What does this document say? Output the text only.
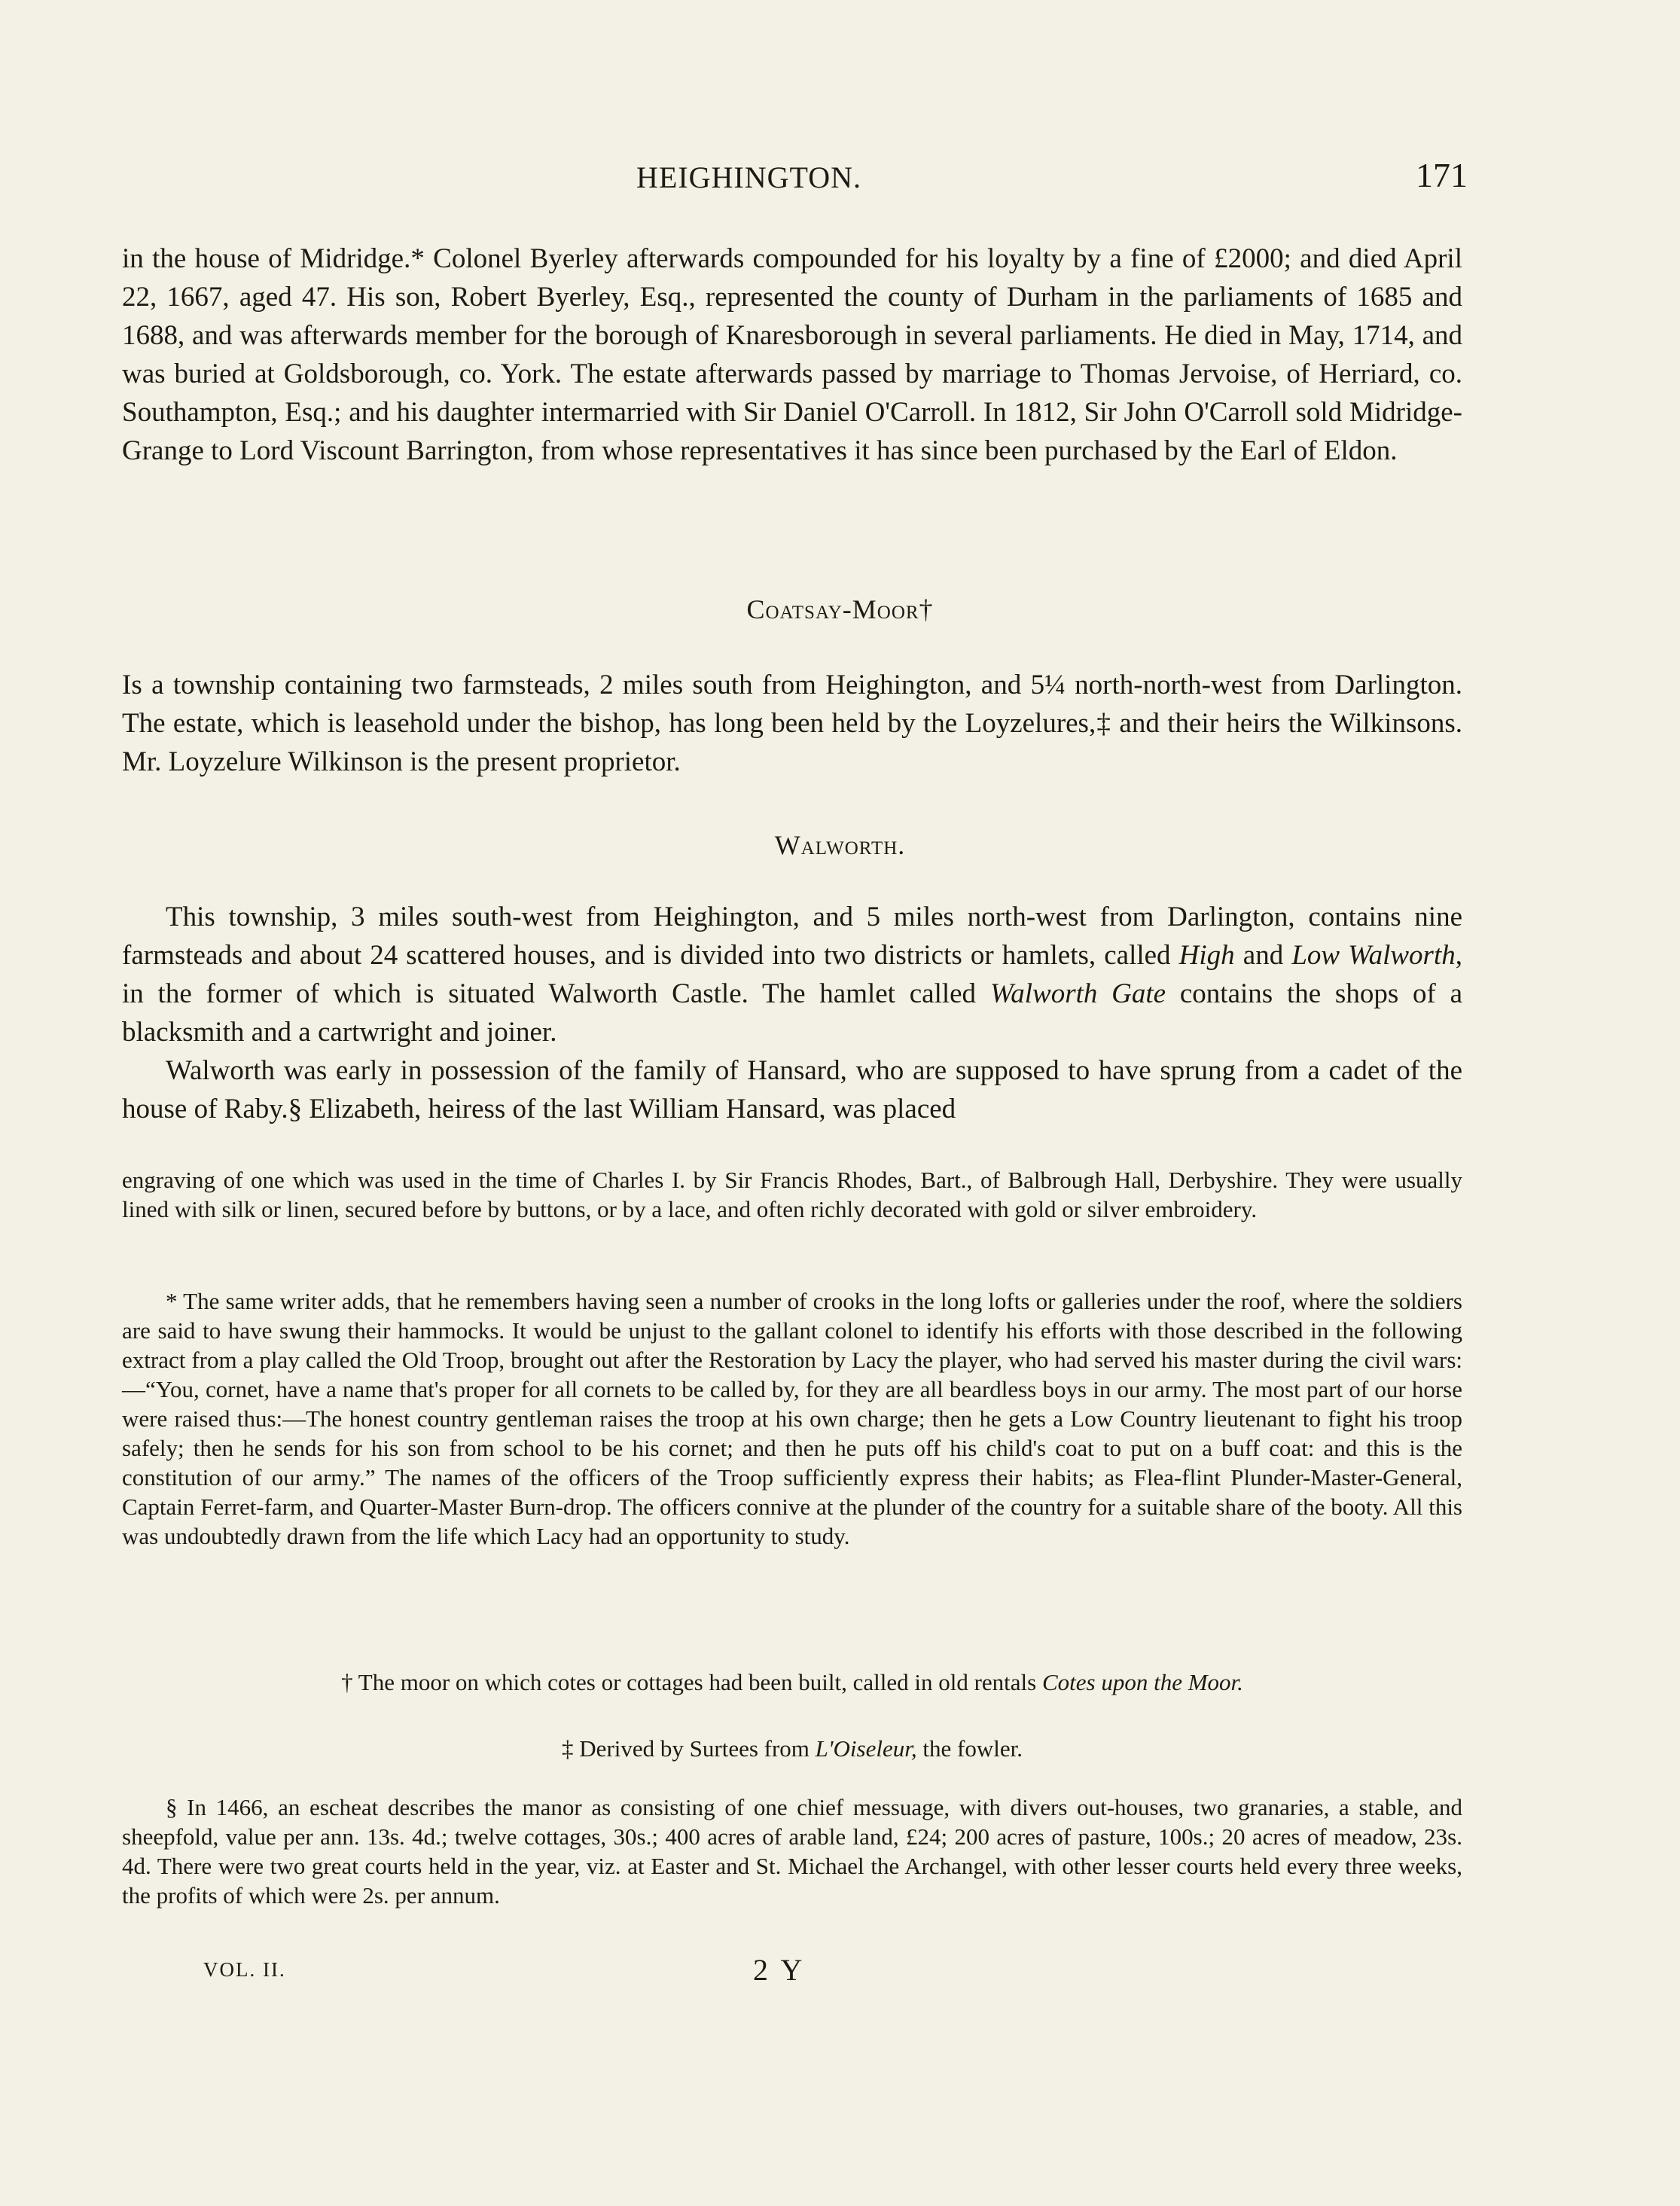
HEIGHINGTON.	171

in the house of Midridge.* Colonel Byerley afterwards compounded for his loyalty by a fine of £2000; and died April 22, 1667, aged 47. His son, Robert Byerley, Esq., represented the county of Durham in the parliaments of 1685 and 1688, and was afterwards member for the borough of Knaresborough in several parliaments. He died in May, 1714, and was buried at Goldsborough, co. York. The estate afterwards passed by marriage to Thomas Jervoise, of Herriard, co. Southampton, Esq.; and his daughter intermarried with Sir Daniel O'Carroll. In 1812, Sir John O'Carroll sold Midridge-Grange to Lord Viscount Barrington, from whose representatives it has since been purchased by the Earl of Eldon.

Coatsay-Moor†

Is a township containing two farmsteads, 2 miles south from Heighington, and 5¼ north-north-west from Darlington. The estate, which is leasehold under the bishop, has long been held by the Loyzelures,‡ and their heirs the Wilkinsons. Mr. Loyzelure Wilkinson is the present proprietor.

Walworth.

This township, 3 miles south-west from Heighington, and 5 miles north-west from Darlington, contains nine farmsteads and about 24 scattered houses, and is divided into two districts or hamlets, called High and Low Walworth, in the former of which is situated Walworth Castle. The hamlet called Walworth Gate contains the shops of a blacksmith and a cartwright and joiner.

Walworth was early in possession of the family of Hansard, who are supposed to have sprung from a cadet of the house of Raby.§ Elizabeth, heiress of the last William Hansard, was placed

engraving of one which was used in the time of Charles I. by Sir Francis Rhodes, Bart., of Balbrough Hall, Derbyshire. They were usually lined with silk or linen, secured before by buttons, or by a lace, and often richly decorated with gold or silver embroidery.

* The same writer adds, that he remembers having seen a number of crooks in the long lofts or galleries under the roof, where the soldiers are said to have swung their hammocks. It would be unjust to the gallant colonel to identify his efforts with those described in the following extract from a play called the Old Troop, brought out after the Restoration by Lacy the player, who had served his master during the civil wars:—“You, cornet, have a name that's proper for all cornets to be called by, for they are all beardless boys in our army. The most part of our horse were raised thus:—The honest country gentleman raises the troop at his own charge; then he gets a Low Country lieutenant to fight his troop safely; then he sends for his son from school to be his cornet; and then he puts off his child's coat to put on a buff coat: and this is the constitution of our army.” The names of the officers of the Troop sufficiently express their habits; as Flea-flint Plunder-Master-General, Captain Ferret-farm, and Quarter-Master Burn-drop. The officers connive at the plunder of the country for a suitable share of the booty. All this was undoubtedly drawn from the life which Lacy had an opportunity to study.

† The moor on which cotes or cottages had been built, called in old rentals Cotes upon the Moor.
‡ Derived by Surtees from L'Oiseleur, the fowler.

§ In 1466, an escheat describes the manor as consisting of one chief messuage, with divers out-houses, two granaries, a stable, and sheepfold, value per ann. 13s. 4d.; twelve cottages, 30s.; 400 acres of arable land, £24; 200 acres of pasture, 100s.; 20 acres of meadow, 23s. 4d. There were two great courts held in the year, viz. at Easter and St. Michael the Archangel, with other lesser courts held every three weeks, the profits of which were 2s. per annum.

VOL. II.	2 Y
